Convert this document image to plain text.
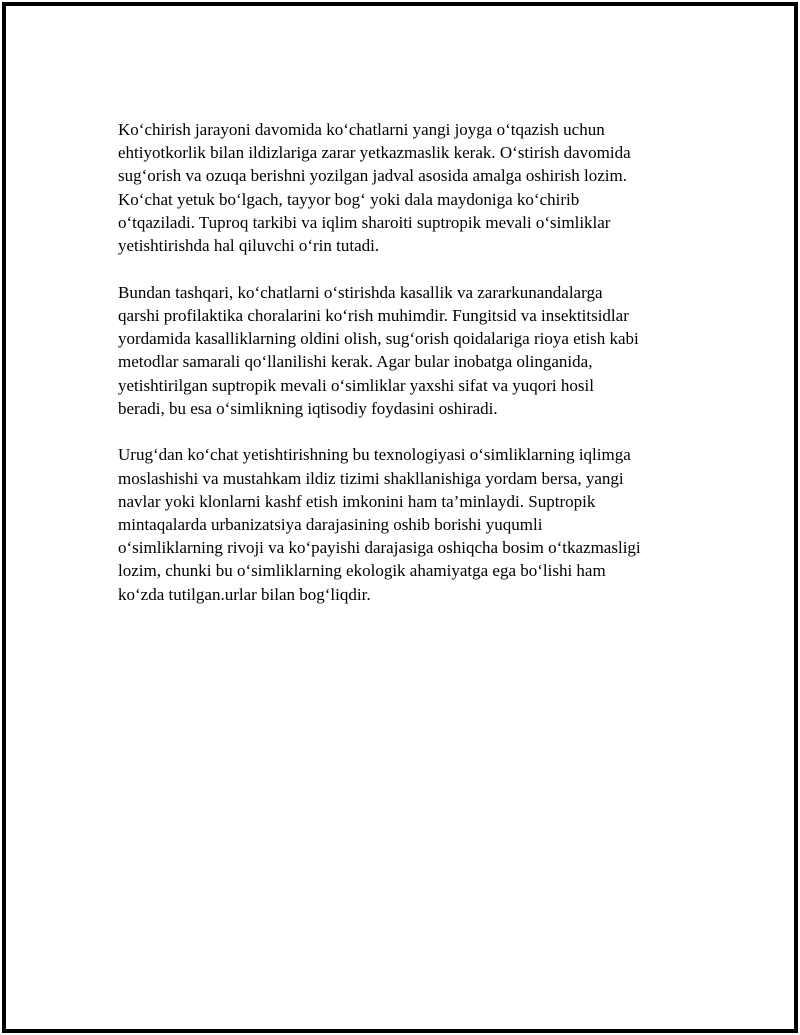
Ko‘chirish jarayoni davomida ko‘chatlarni yangi joyga o‘tqazish uchun
ehtiyotkorlik bilan ildizlariga zarar yetkazmaslik kerak. O‘stirish davomida
sug‘orish va ozuqa berishni yozilgan jadval asosida amalga oshirish lozim.
Ko‘chat yetuk bo‘lgach, tayyor bog‘ yoki dala maydoniga ko‘chirib
o‘tqaziladi. Tuproq tarkibi va iqlim sharoiti suptropik mevali o‘simliklar
yetishtirishda hal qiluvchi o‘rin tutadi.

Bundan tashqari, ko‘chatlarni o‘stirishda kasallik va zararkunandalarga
qarshi profilaktika choralarini ko‘rish muhimdir. Fungitsid va insektitsidlar
yordamida kasalliklarning oldini olish, sug‘orish qoidalariga rioya etish kabi
metodlar samarali qo‘llanilishi kerak. Agar bular inobatga olinganida,
yetishtirilgan suptropik mevali o‘simliklar yaxshi sifat va yuqori hosil
beradi, bu esa o‘simlikning iqtisodiy foydasini oshiradi.

Urug‘dan ko‘chat yetishtirishning bu texnologiyasi o‘simliklarning iqlimga
moslashishi va mustahkam ildiz tizimi shakllanishiga yordam bersa, yangi
navlar yoki klonlarni kashf etish imkonini ham ta’minlaydi. Suptropik
mintaqalarda urbanizatsiya darajasining oshib borishi yuqumli
o‘simliklarning rivoji va ko‘payishi darajasiga oshiqcha bosim o‘tkazmasligi
lozim, chunki bu o‘simliklarning ekologik ahamiyatga ega bo‘lishi ham
ko‘zda tutilgan.urlar bilan bog‘liqdir.
